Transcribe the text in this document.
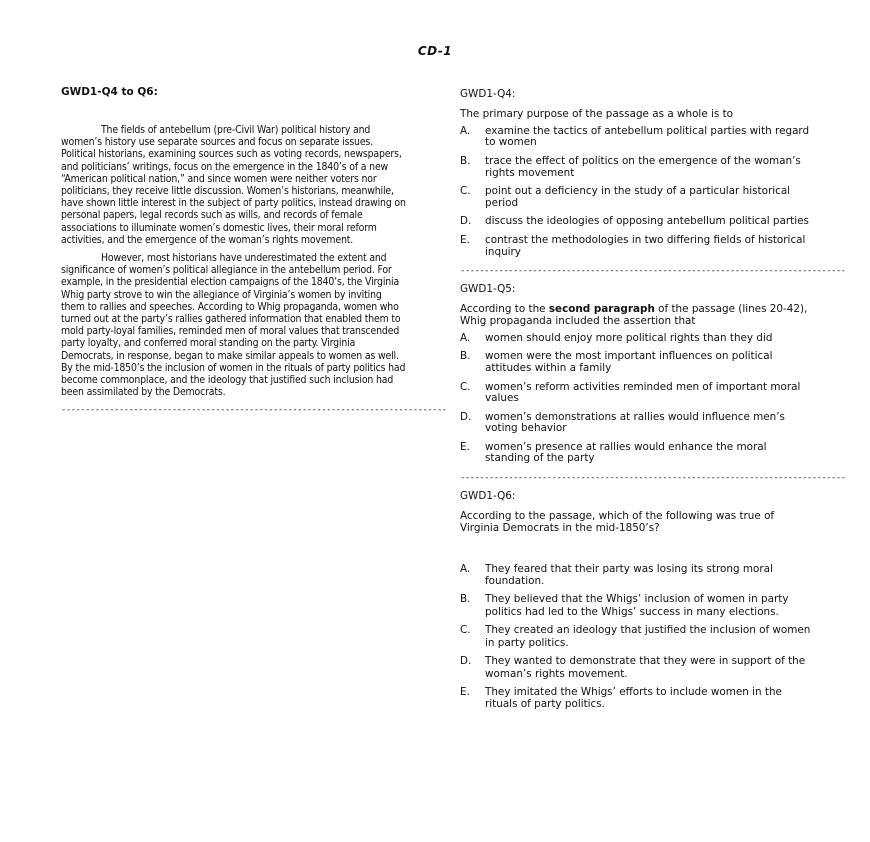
CD-1
GWD1-Q4 to Q6:

The fields of antebellum (pre-Civil War) political history and women’s history use separate sources and focus on separate issues. Political historians, examining sources such as voting records, newspapers, and politicians’ writings, focus on the emergence in the 1840’s of a new “American political nation,” and since women were neither voters nor politicians, they receive little discussion. Women’s historians, meanwhile, have shown little interest in the subject of party politics, instead drawing on personal papers, legal records such as wills, and records of female associations to illuminate women’s domestic lives, their moral reform activities, and the emergence of the woman’s rights movement.

However, most historians have underestimated the extent and significance of women’s political allegiance in the antebellum period. For example, in the presidential election campaigns of the 1840’s, the Virginia Whig party strove to win the allegiance of Virginia’s women by inviting them to rallies and speeches. According to Whig propaganda, women who turned out at the party’s rallies gathered information that enabled them to mold party-loyal families, reminded men of moral values that transcended party loyalty, and conferred moral standing on the party. Virginia Democrats, in response, began to make similar appeals to women as well. By the mid-1850’s the inclusion of women in the rituals of party politics had become commonplace, and the ideology that justified such inclusion had been assimilated by the Democrats.

--------------------------------------------------------------------------------
GWD1-Q4:
The primary purpose of the passage as a whole is to
A.	examine the tactics of antebellum political parties with regard to women
B.	trace the effect of politics on the emergence of the woman’s rights movement
C.	point out a deficiency in the study of a particular historical period
D.	discuss the ideologies of opposing antebellum political parties
E.	contrast the methodologies in two differing fields of historical inquiry
--------------------------------------------------------------------------------
GWD1-Q5:
According to the second paragraph of the passage (lines 20-42), Whig propaganda included the assertion that
A.	women should enjoy more political rights than they did
B.	women were the most important influences on political attitudes within a family
C.	women’s reform activities reminded men of important moral values
D.	women’s demonstrations at rallies would influence men’s voting behavior
E.	women’s presence at rallies would enhance the moral standing of the party
--------------------------------------------------------------------------------
GWD1-Q6:
According to the passage, which of the following was true of Virginia Democrats in the mid-1850’s?
A.	They feared that their party was losing its strong moral foundation.
B.	They believed that the Whigs’ inclusion of women in party politics had led to the Whigs’ success in many elections.
C.	They created an ideology that justified the inclusion of women in party politics.
D.	They wanted to demonstrate that they were in support of the woman’s rights movement.
E.	They imitated the Whigs’ efforts to include women in the rituals of party politics.
